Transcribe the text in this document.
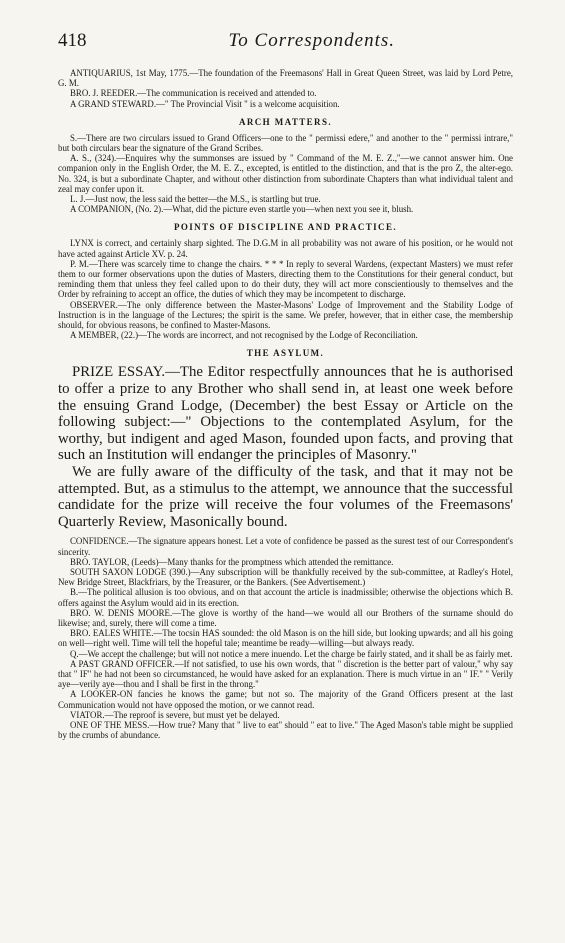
418	To Correspondents.

ANTIQUARIUS, 1st May, 1775.—The foundation of the Freemasons' Hall in Great Queen Street, was laid by Lord Petre, G. M.

BRO. J. REEDER.—The communication is received and attended to.

A GRAND STEWARD.—" The Provincial Visit " is a welcome acquisition.

ARCH MATTERS.

S.—There are two circulars issued to Grand Officers—one to the " permissi edere," and another to the " permissi intrare," but both circulars bear the signature of the Grand Scribes.

A. S., (324).—Enquires why the summonses are issued by " Command of the M. E. Z.,"—we cannot answer him. One companion only in the English Order, the M. E. Z., excepted, is entitled to the distinction, and that is the pro Z, the alter-ego. No. 324, is but a subordinate Chapter, and without other distinction from subordinate Chapters than what individual talent and zeal may confer upon it.

L. J.—Just now, the less said the better—the M.S., is startling but true.

A COMPANION, (No. 2).—What, did the picture even startle you—when next you see it, blush.

POINTS OF DISCIPLINE AND PRACTICE.

LYNX is correct, and certainly sharp sighted. The D.G.M in all probability was not aware of his position, or he would not have acted against Article XV. p. 24.

P. M.—There was scarcely time to change the chairs. * * * In reply to several Wardens, (expectant Masters) we must refer them to our former observations upon the duties of Masters, directing them to the Constitutions for their general conduct, but reminding them that unless they feel called upon to do their duty, they will act more conscientiously to themselves and the Order by refraining to accept an office, the duties of which they may be incompetent to discharge.

OBSERVER.—The only difference between the Master-Masons' Lodge of Improvement and the Stability Lodge of Instruction is in the language of the Lectures; the spirit is the same. We prefer, however, that in either case, the membership should, for obvious reasons, be confined to Master-Masons.

A MEMBER, (22.)—The words are incorrect, and not recognised by the Lodge of Reconciliation.

THE ASYLUM.

PRIZE ESSAY.—The Editor respectfully announces that he is authorised to offer a prize to any Brother who shall send in, at least one week before the ensuing Grand Lodge, (December) the best Essay or Article on the following subject:—" Objections to the contemplated Asylum, for the worthy, but indigent and aged Mason, founded upon facts, and proving that such an Institution will endanger the principles of Masonry."

We are fully aware of the difficulty of the task, and that it may not be attempted. But, as a stimulus to the attempt, we announce that the successful candidate for the prize will receive the four volumes of the Freemasons' Quarterly Review, Masonically bound.

CONFIDENCE.—The signature appears honest. Let a vote of confidence be passed as the surest test of our Correspondent's sincerity.

BRO. TAYLOR, (Leeds)—Many thanks for the promptness which attended the remittance.

SOUTH SAXON LODGE (390.)—Any subscription will be thankfully received by the sub-committee, at Radley's Hotel, New Bridge Street, Blackfriars, by the Treasurer, or the Bankers. (See Advertisement.)

B.—The political allusion is too obvious, and on that account the article is inadmissible; otherwise the objections which B. offers against the Asylum would aid in its erection.

BRO. W. DENIS MOORE.—The glove is worthy of the hand—we would all our Brothers of the surname should do likewise; and, surely, there will come a time.

BRO. EALES WHITE.—The tocsin HAS sounded: the old Mason is on the hill side, but looking upwards; and all his going on well—right well. Time will tell the hopeful tale; meantime be ready—willing—but always ready.

Q.—We accept the challenge; but will not notice a mere inuendo. Let the charge be fairly stated, and it shall be as fairly met.

A PAST GRAND OFFICER.—If not satisfied, to use his own words, that " discretion is the better part of valour," why say that " IF" he had not been so circumstanced, he would have asked for an explanation. There is much virtue in an " IF." " Verily aye—verily aye—thou and I shall be first in the throng."

A LOOKER-ON fancies he knows the game; but not so. The majority of the Grand Officers present at the last Communication would not have opposed the motion, or we cannot read.

VIATOR.—The reproof is severe, but must yet be delayed.

ONE OF THE MESS.—How true? Many that " live to eat" should " eat to live." The Aged Mason's table might be supplied by the crumbs of abundance.
